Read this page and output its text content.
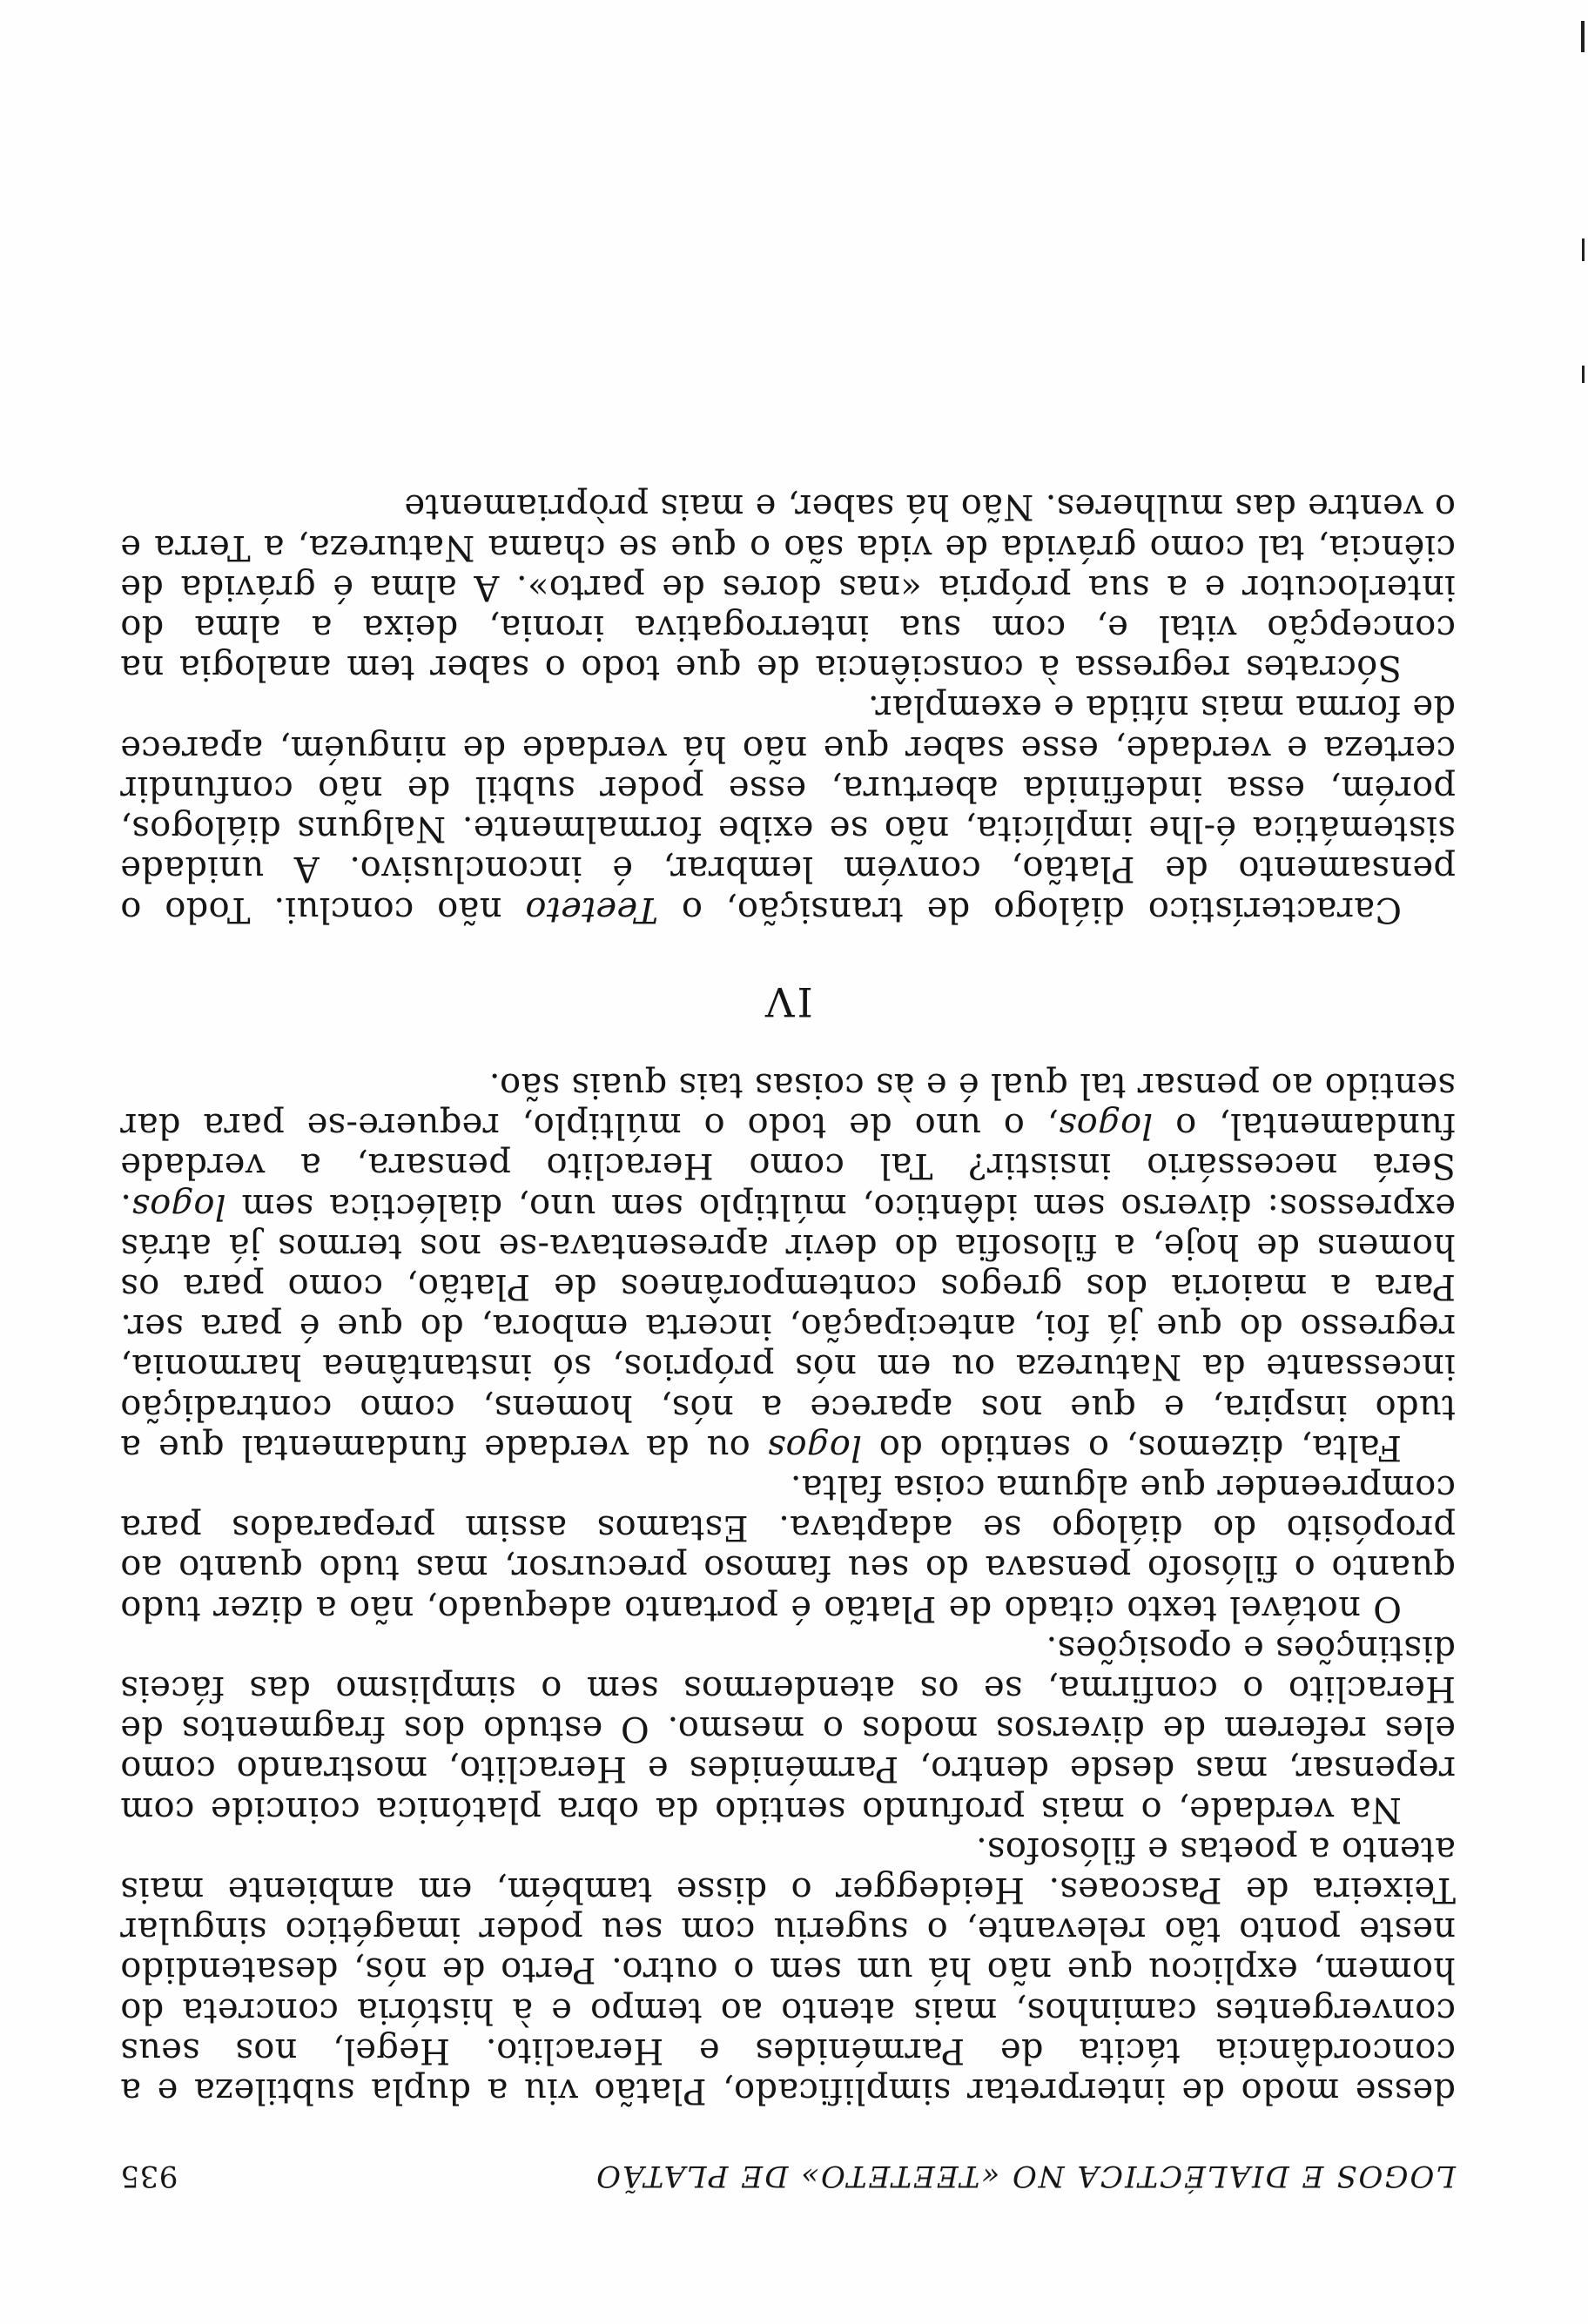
LOGOS E DIALÉCTICA NO «TEETETO» DE PLATÃO
935

desse modo de interpretar simplificado, Platão viu a dupla subtileza e a concordância tácita de Parménides e Heraclito. Hegel, nos seus convergentes caminhos, mais atento ao tempo e à história concreta do homem, explicou que não há um sem o outro. Perto de nós, desatendido neste ponto tão relevante, o sugeriu com seu poder imagético singular Teixeira de Pascoaes. Heidegger o disse também, em ambiente mais atento a poetas e filósofos.

Na verdade, o mais profundo sentido da obra platónica coincide com repensar, mas desde dentro, Parménides e Heraclito, mostrando como eles referem de diversos modos o mesmo. O estudo dos fragmentos de Heraclito o confirma, se os atendermos sem o simplismo das fáceis distinções e oposições.

O notável texto citado de Platão é portanto adequado, não a dizer tudo quanto o filósofo pensava do seu famoso precursor, mas tudo quanto ao propósito do diálogo se adaptava. Estamos assim preparados para compreender que alguma coisa falta.

Falta, dizemos, o sentido do logos ou da verdade fundamental que a tudo inspira, e que nos aparece a nós, homens, como contradição incessante da Natureza ou em nós próprios, só instantânea harmonia, regresso do que já foi, antecipação, incerta embora, do que é para ser. Para a maioria dos gregos contemporâneos de Platão, como para os homens de hoje, a filosofia do devir apresentava-se nos termos já atrás expressos: diverso sem idêntico, múltiplo sem uno, dialéctica sem logos. Será necessário insistir? Tal como Heraclito pensara, a verdade fundamental, o logos, o uno de todo o múltiplo, requere-se para dar sentido ao pensar tal qual é e às coisas tais quais são.

IV

Característico diálogo de transição, o Teeteto não conclui. Todo o pensamento de Platão, convém lembrar, é inconclusivo. A unidade sistemática é-lhe implícita, não se exibe formalmente. Nalguns diálogos, porém, essa indefinida abertura, esse poder subtil de não confundir certeza e verdade, esse saber que não há verdade de ninguém, aparece de forma mais nítida e exemplar.

Sócrates regressa à consciência de que todo o saber tem analogia na concepção vital e, com sua interrogativa ironia, deixa a alma do interlocutor e a sua própria «nas dores de parto». A alma é grávida de ciência, tal como grávida de vida são o que se chama Natureza, a Terra e o ventre das mulheres. Não há saber, e mais pròpriamente
